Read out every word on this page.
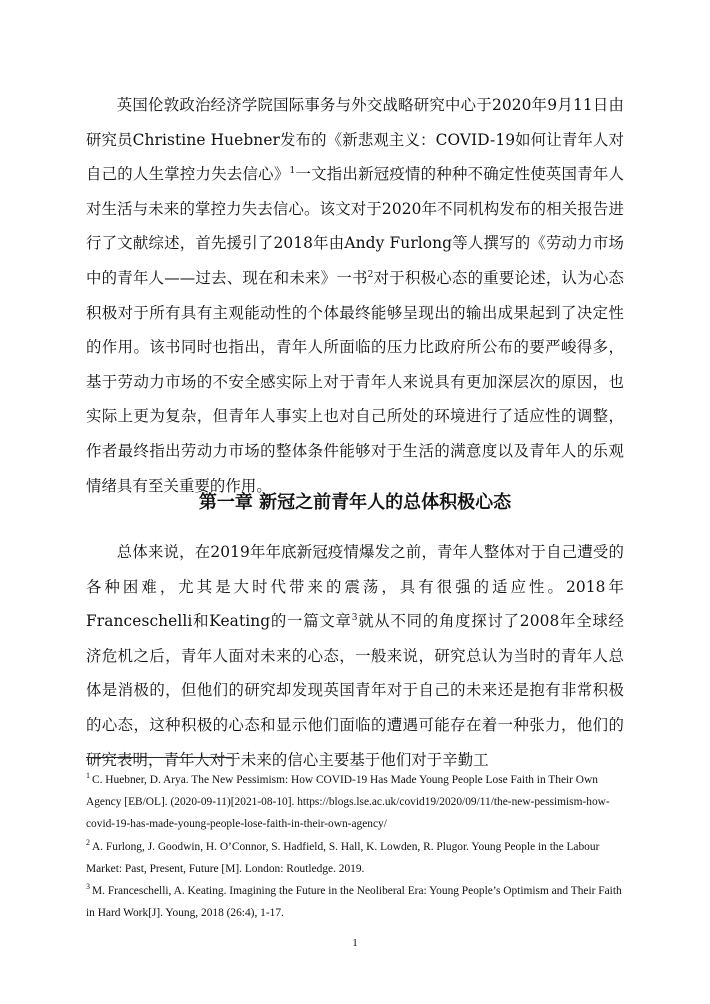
英国伦敦政治经济学院国际事务与外交战略研究中心于2020年9月11日由研究员Christine Huebner发布的《新悲观主义：COVID-19如何让青年人对自己的人生掌控力失去信心》$^1$一文指出新冠疫情的种种不确定性使英国青年人对生活与未来的掌控力失去信心。该文对于2020年不同机构发布的相关报告进行了文献综述，首先援引了2018年由Andy Furlong等人撰写的《劳动力市场中的青年人——过去、现在和未来》一书$^2$对于积极心态的重要论述，认为心态积极对于所有具有主观能动性的个体最终能够呈现出的输出成果起到了决定性的作用。该书同时也指出，青年人所面临的压力比政府所公布的要严峻得多，基于劳动力市场的不安全感实际上对于青年人来说具有更加深层次的原因，也实际上更为复杂，但青年人事实上也对自己所处的环境进行了适应性的调整，作者最终指出劳动力市场的整体条件能够对于生活的满意度以及青年人的乐观情绪具有至关重要的作用。

第一章 新冠之前青年人的总体积极心态

总体来说，在2019年年底新冠疫情爆发之前，青年人整体对于自己遭受的各种困难，尤其是大时代带来的震荡，具有很强的适应性。2018年Franceschelli和Keating的一篇文章$^3$就从不同的角度探讨了2008年全球经济危机之后，青年人面对未来的心态，一般来说，研究总认为当时的青年人总体是消极的，但他们的研究却发现英国青年对于自己的未来还是抱有非常积极的心态，这种积极的心态和显示他们面临的遭遇可能存在着一种张力，他们的研究表明，青年人对于未来的信心主要基于他们对于辛勤工

$^1$ C. Huebner, D. Arya. The New Pessimism: How COVID-19 Has Made Young People Lose Faith in Their Own Agency [EB/OL]. (2020-09-11)[2021-08-10]. https://blogs.lse.ac.uk/covid19/2020/09/11/the-new-pessimism-how-covid-19-has-made-young-people-lose-faith-in-their-own-agency/

$^2$ A. Furlong, J. Goodwin, H. O’Connor, S. Hadfield, S. Hall, K. Lowden, R. Plugor. Young People in the Labour Market: Past, Present, Future [M]. London: Routledge. 2019.

$^3$ M. Franceschelli, A. Keating. Imagining the Future in the Neoliberal Era: Young People’s Optimism and Their Faith in Hard Work[J]. Young, 2018 (26:4), 1-17.

1
